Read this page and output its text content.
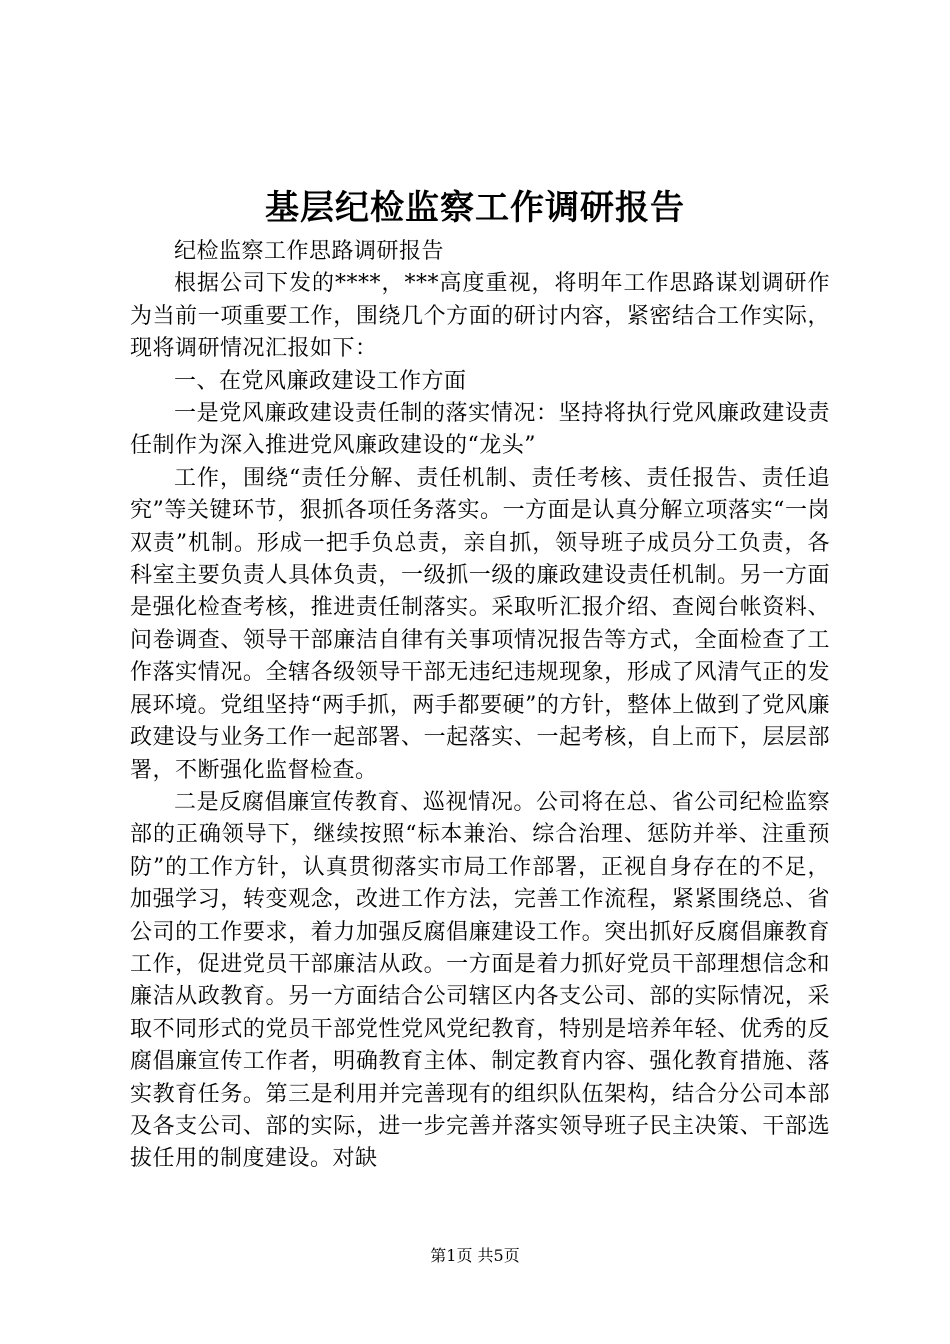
基层纪检监察工作调研报告

纪检监察工作思路调研报告

根据公司下发的****，***高度重视，将明年工作思路谋划调研作为当前一项重要工作，围绕几个方面的研讨内容，紧密结合工作实际，现将调研情况汇报如下：

一、在党风廉政建设工作方面

一是党风廉政建设责任制的落实情况：坚持将执行党风廉政建设责任制作为深入推进党风廉政建设的“龙头”

工作，围绕“责任分解、责任机制、责任考核、责任报告、责任追究”等关键环节，狠抓各项任务落实。一方面是认真分解立项落实“一岗双责”机制。形成一把手负总责，亲自抓，领导班子成员分工负责，各科室主要负责人具体负责，一级抓一级的廉政建设责任机制。另一方面是强化检查考核，推进责任制落实。采取听汇报介绍、查阅台帐资料、问卷调查、领导干部廉洁自律有关事项情况报告等方式，全面检查了工作落实情况。全辖各级领导干部无违纪违规现象，形成了风清气正的发展环境。党组坚持“两手抓，两手都要硬”的方针，整体上做到了党风廉政建设与业务工作一起部署、一起落实、一起考核，自上而下，层层部署，不断强化监督检查。

二是反腐倡廉宣传教育、巡视情况。公司将在总、省公司纪检监察部的正确领导下，继续按照“标本兼治、综合治理、惩防并举、注重预防”的工作方针，认真贯彻落实市局工作部署，正视自身存在的不足，加强学习，转变观念，改进工作方法，完善工作流程，紧紧围绕总、省公司的工作要求，着力加强反腐倡廉建设工作。突出抓好反腐倡廉教育工作，促进党员干部廉洁从政。一方面是着力抓好党员干部理想信念和廉洁从政教育。另一方面结合公司辖区内各支公司、部的实际情况，采取不同形式的党员干部党性党风党纪教育，特别是培养年轻、优秀的反腐倡廉宣传工作者，明确教育主体、制定教育内容、强化教育措施、落实教育任务。第三是利用并完善现有的组织队伍架构，结合分公司本部及各支公司、部的实际，进一步完善并落实领导班子民主决策、干部选拔任用的制度建设。对缺

第1页 共5页
